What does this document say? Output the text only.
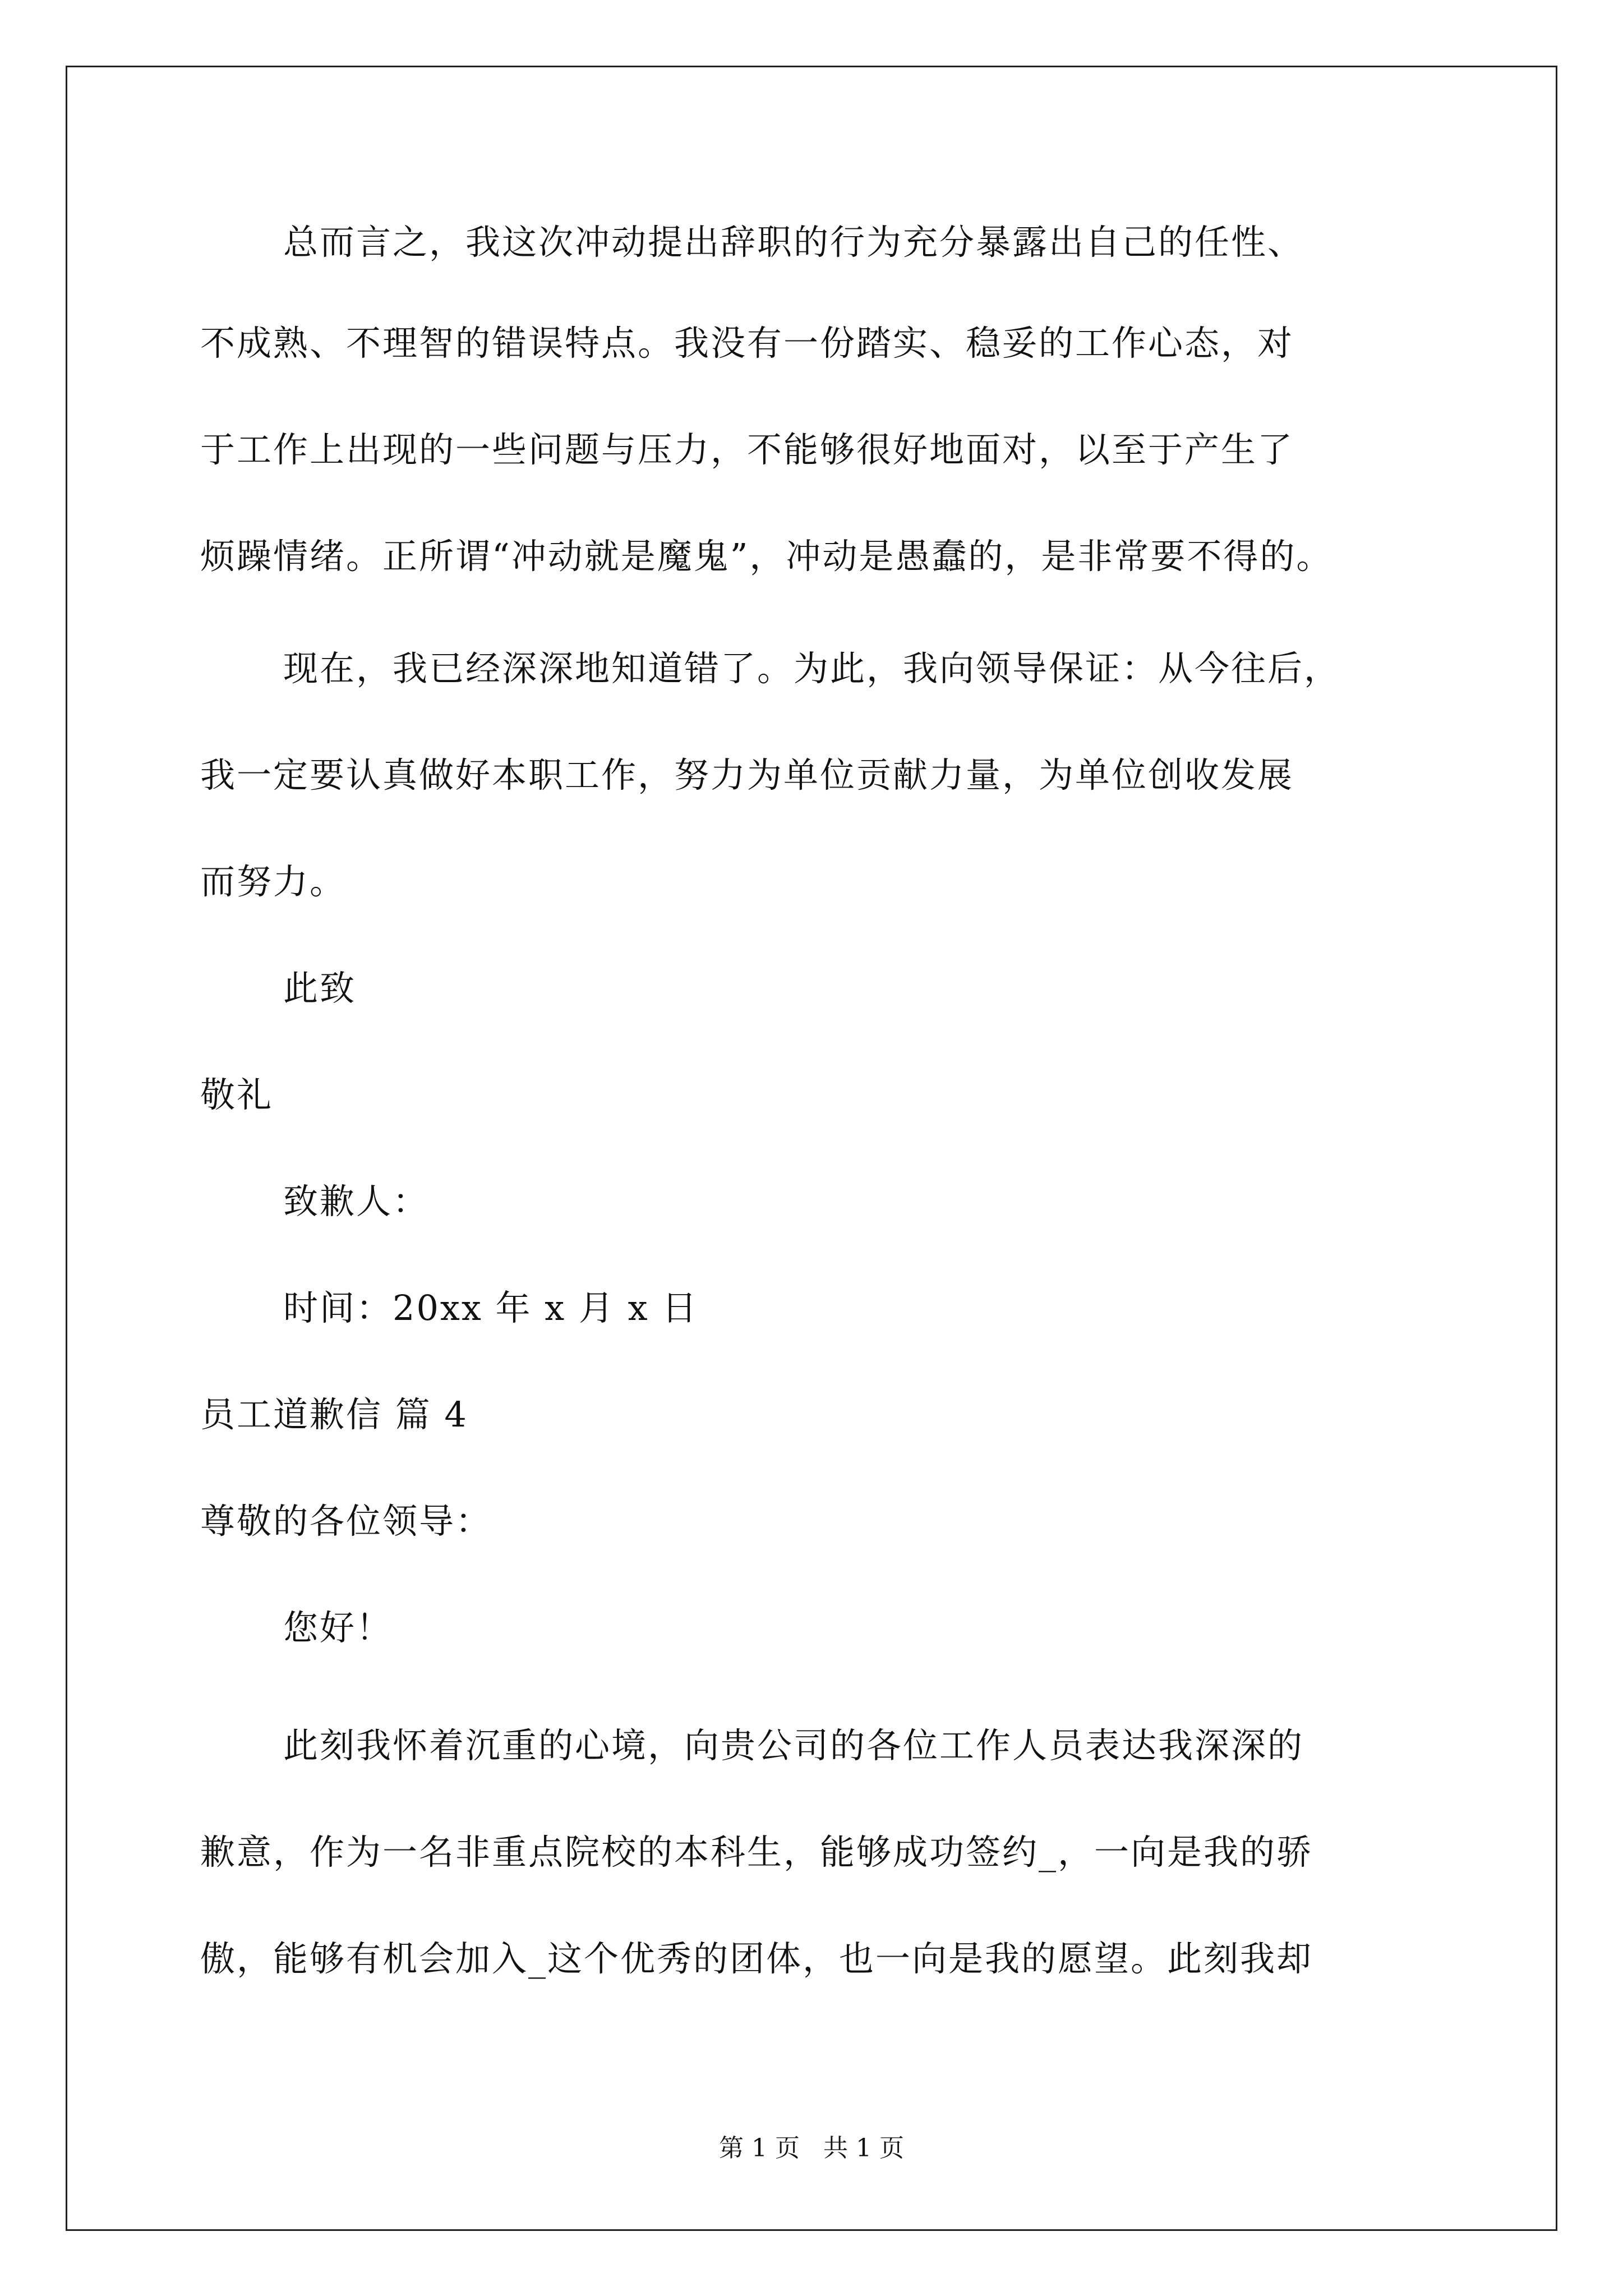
总而言之，我这次冲动提出辞职的行为充分暴露出自己的任性、
不成熟、不理智的错误特点。我没有一份踏实、稳妥的工作心态，对
于工作上出现的一些问题与压力，不能够很好地面对，以至于产生了
烦躁情绪。正所谓“冲动就是魔鬼”，冲动是愚蠢的，是非常要不得的。
现在，我已经深深地知道错了。为此，我向领导保证：从今往后，
我一定要认真做好本职工作，努力为单位贡献力量，为单位创收发展
而努力。
此致
敬礼
致歉人：
时间：20xx 年 x 月 x 日
员工道歉信 篇 4
尊敬的各位领导：
您好！
此刻我怀着沉重的心境，向贵公司的各位工作人员表达我深深的
歉意，作为一名非重点院校的本科生，能够成功签约_，一向是我的骄
傲，能够有机会加入_这个优秀的团体，也一向是我的愿望。此刻我却
第 1 页   共 1 页
